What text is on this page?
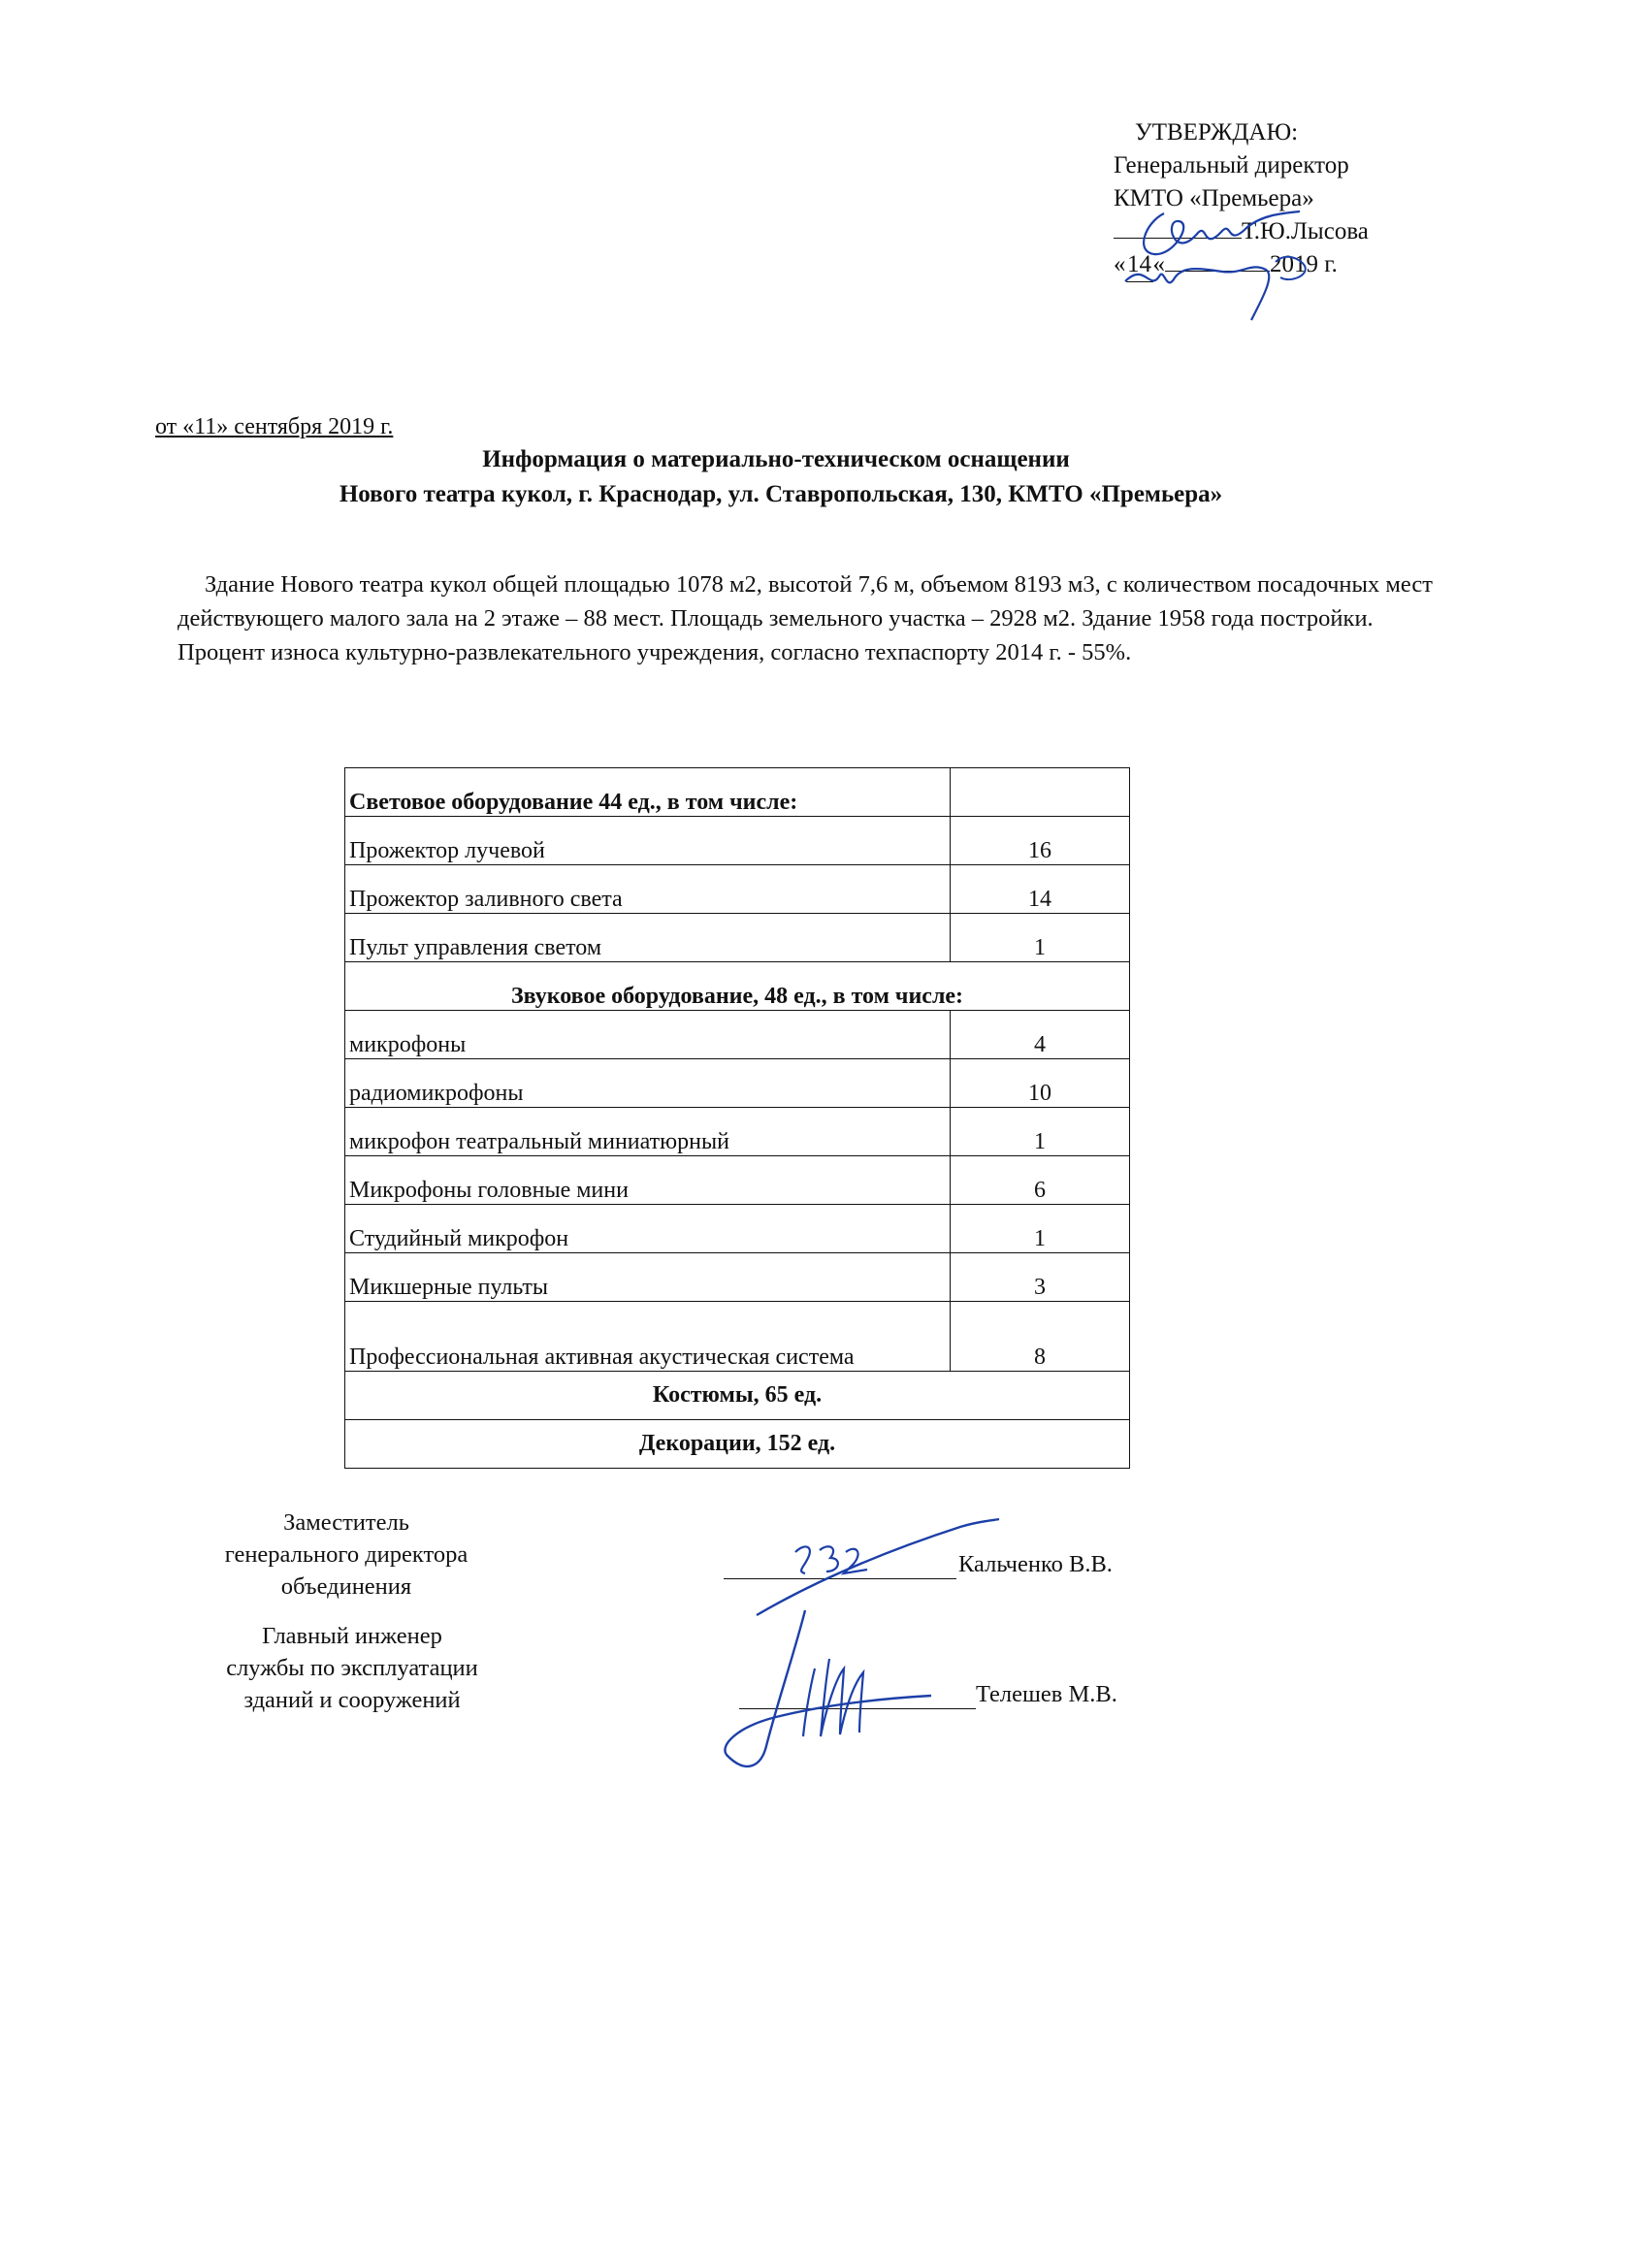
УТВЕРЖДАЮ:
Генеральный директор
КМТО «Премьера»
Т.Ю.Лысова
«14«	2019 г.
от «11» сентября 2019 г.
Информация о материально-техническом оснащении
Нового театра кукол, г. Краснодар, ул. Ставропольская, 130, КМТО «Премьера»
Здание Нового театра кукол общей площадью 1078 м2, высотой 7,6 м, объемом 8193 м3, с количеством посадочных мест действующего малого зала на 2 этаже – 88 мест. Площадь земельного участка – 2928 м2. Здание 1958 года постройки. Процент износа культурно-развлекательного учреждения, согласно техпаспорту 2014 г. - 55%.
Световое оборудование 44 ед., в том числе:	
Прожектор лучевой	16
Прожектор заливного света	14
Пульт управления светом	1
Звуковое оборудование, 48 ед., в том числе:	
микрофоны	4
радиомикрофоны	10
микрофон театральный миниатюрный	1
Микрофоны головные мини	6
Студийный микрофон	1
Микшерные пульты	3
Профессиональная активная акустическая система	8
Костюмы, 65 ед.	
Декорации, 152 ед.	
Заместитель
генерального директора
объединения
Кальченко В.В.
Главный инженер
службы по эксплуатации
зданий и сооружений	Телешев М.В.
